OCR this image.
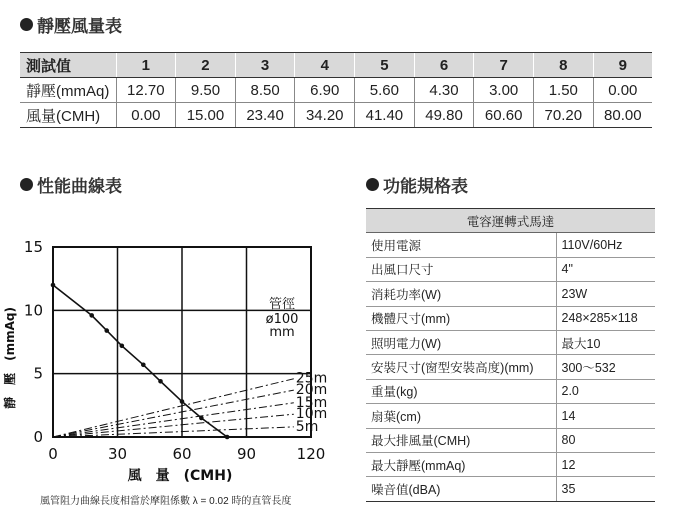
靜壓風量表
測試值	1	2	3	4	5	6	7	8	9
靜壓(mmAq)	12.70	9.50	8.50	6.90	5.60	4.30	3.00	1.50	0.00
風量(CMH)	0.00	15.00	23.40	34.20	41.40	49.80	60.60	70.20	80.00
性能曲線表	功能規格表
25m
20m
15m
10m
5m
0	30	60	90	120
0
5
10
15
管徑
ø100
mm
風　量　(CMH)
靜　壓　(mmAq)
風管阻力曲線長度相當於摩阻係數 λ = 0.02 時的直管長度
電容運轉式馬達	
使用電源	110V/60Hz
出風口尺寸	4"
消耗功率(W)	23W
機體尺寸(mm)	248×285×118
照明電力(W)	最大10
安裝尺寸(窗型安裝高度)(mm)	300～532
重量(kg)	2.0
扇葉(cm)	14
最大排風量(CMH)	80
最大靜壓(mmAq)	12
噪音值(dBA)	35
